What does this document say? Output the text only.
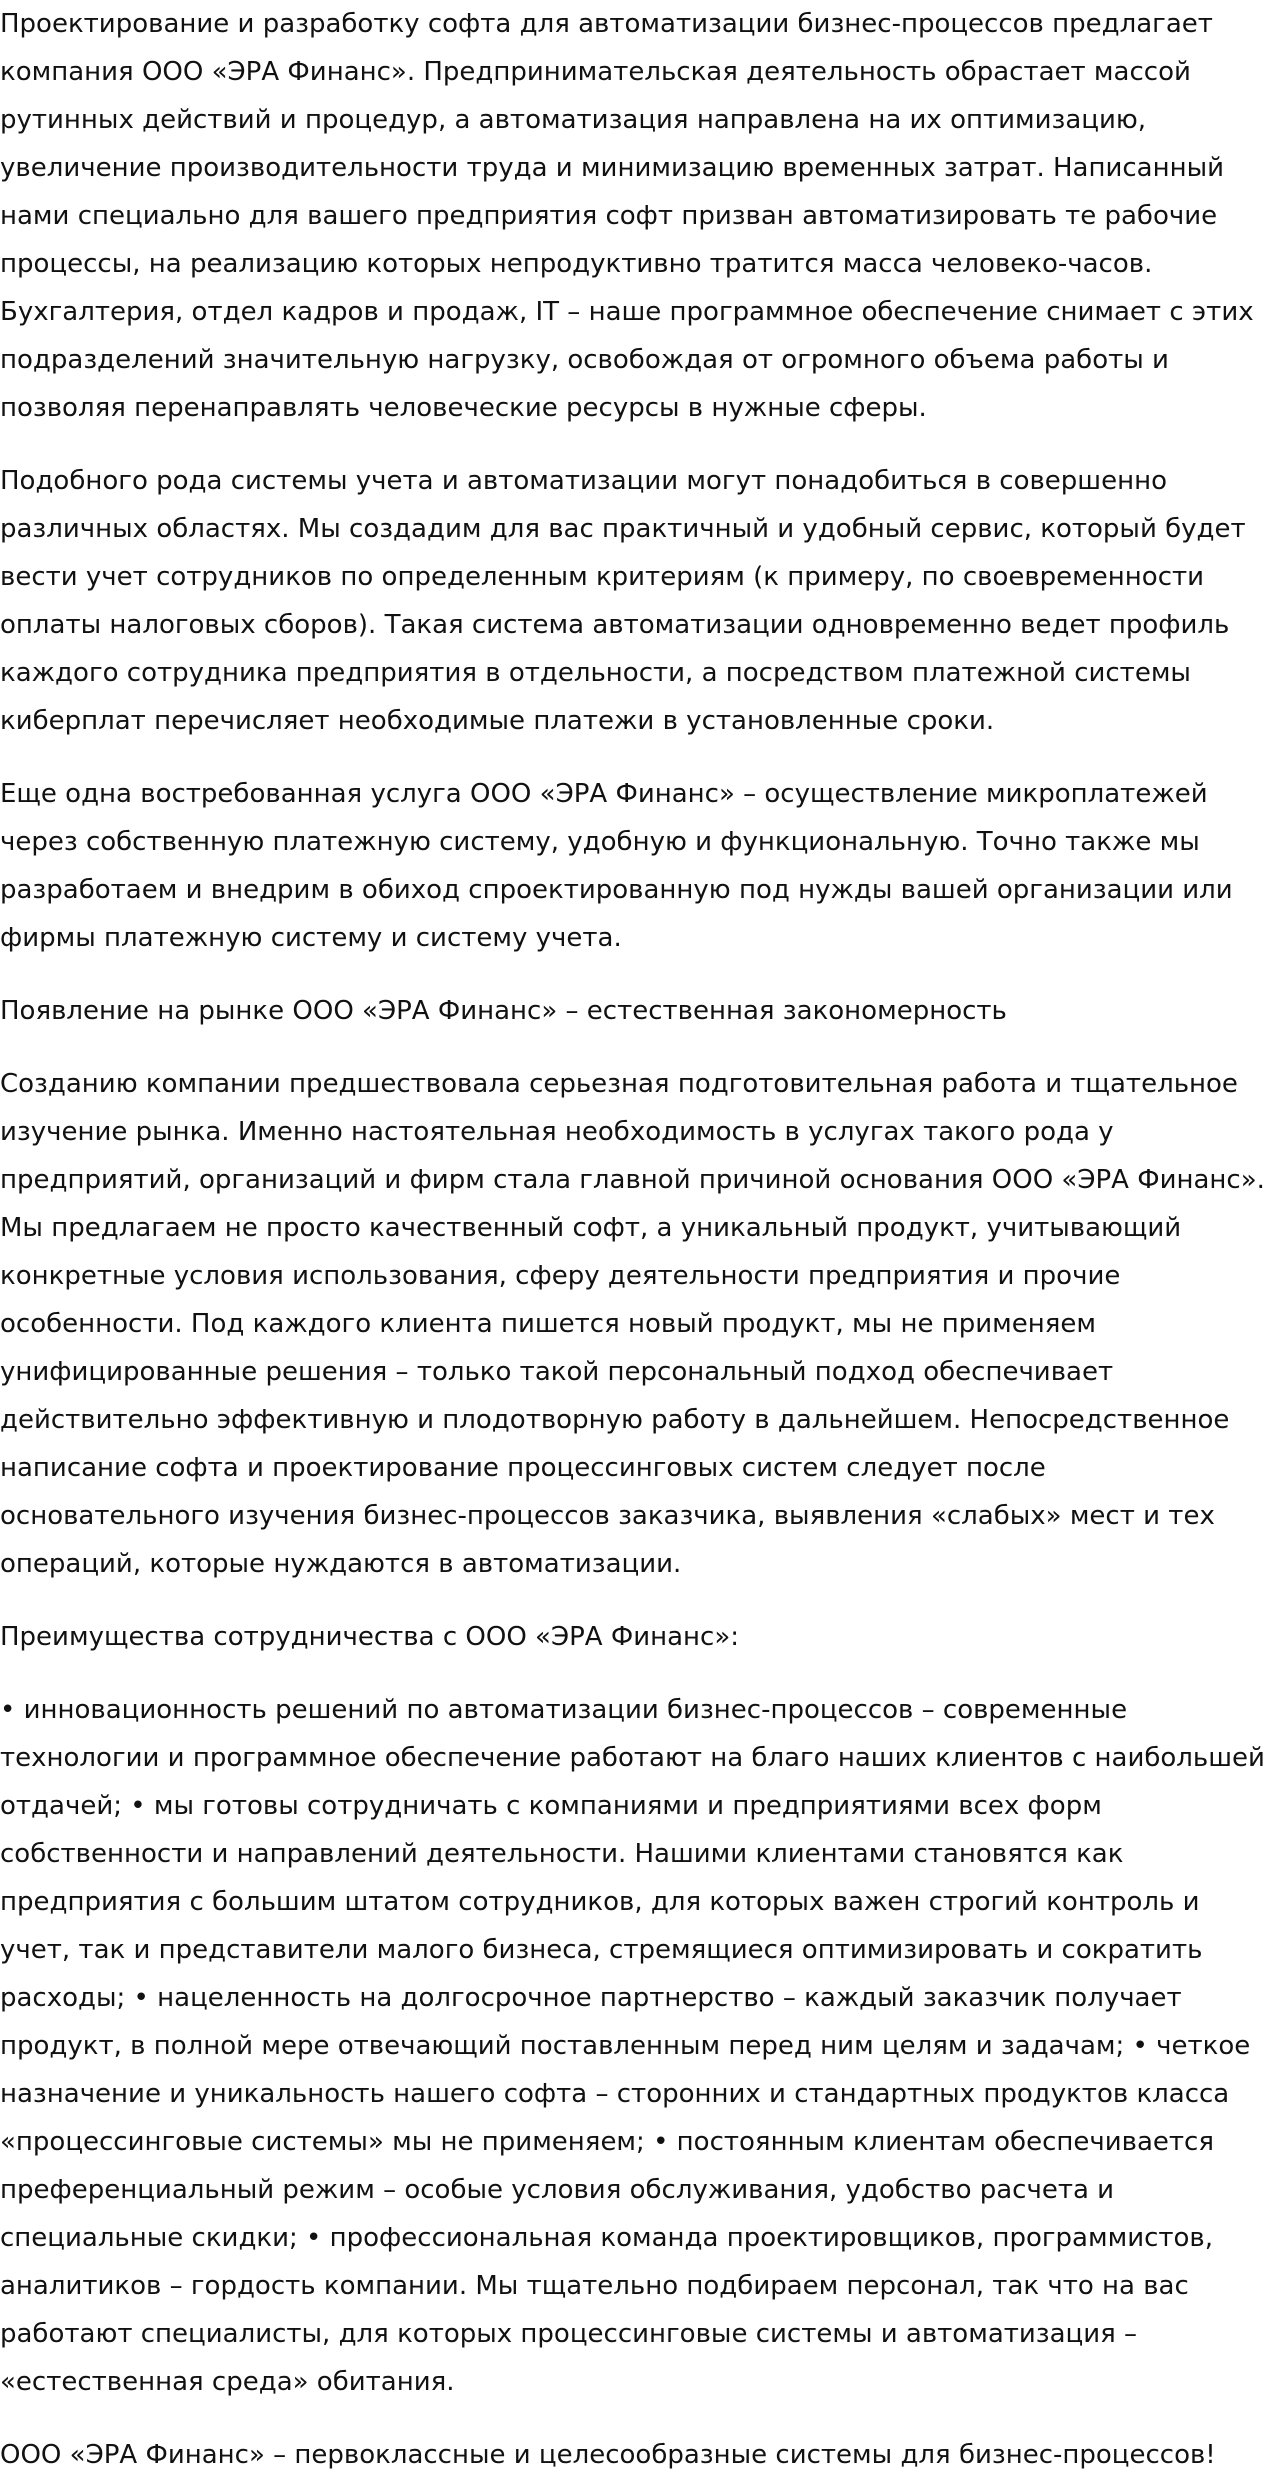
Проектирование и разработку софта для автоматизации бизнес-процессов предлагает
компания ООО «ЭРА Финанс». Предпринимательская деятельность обрастает массой
рутинных действий и процедур, а автоматизация направлена на их оптимизацию,
увеличение производительности труда и минимизацию временных затрат. Написанный
нами специально для вашего предприятия софт призван автоматизировать те рабочие
процессы, на реализацию которых непродуктивно тратится масса человеко-часов.
Бухгалтерия, отдел кадров и продаж, IT – наше программное обеспечение снимает с этих
подразделений значительную нагрузку, освобождая от огромного объема работы и
позволяя перенаправлять человеческие ресурсы в нужные сферы.

Подобного рода системы учета и автоматизации могут понадобиться в совершенно
различных областях. Мы создадим для вас практичный и удобный сервис, который будет
вести учет сотрудников по определенным критериям (к примеру, по своевременности
оплаты налоговых сборов). Такая система автоматизации одновременно ведет профиль
каждого сотрудника предприятия в отдельности, а посредством платежной системы
киберплат перечисляет необходимые платежи в установленные сроки.

Еще одна востребованная услуга ООО «ЭРА Финанс» – осуществление микроплатежей
через собственную платежную систему, удобную и функциональную. Точно также мы
разработаем и внедрим в обиход спроектированную под нужды вашей организации или
фирмы платежную систему и систему учета.

Появление на рынке ООО «ЭРА Финанс» – естественная закономерность

Созданию компании предшествовала серьезная подготовительная работа и тщательное
изучение рынка. Именно настоятельная необходимость в услугах такого рода у
предприятий, организаций и фирм стала главной причиной основания ООО «ЭРА Финанс».
Мы предлагаем не просто качественный софт, а уникальный продукт, учитывающий
конкретные условия использования, сферу деятельности предприятия и прочие
особенности. Под каждого клиента пишется новый продукт, мы не применяем
унифицированные решения – только такой персональный подход обеспечивает
действительно эффективную и плодотворную работу в дальнейшем. Непосредственное
написание софта и проектирование процессинговых систем следует после
основательного изучения бизнес-процессов заказчика, выявления «слабых» мест и тех
операций, которые нуждаются в автоматизации.

Преимущества сотрудничества с ООО «ЭРА Финанс»:

• инновационность решений по автоматизации бизнес-процессов – современные
технологии и программное обеспечение работают на благо наших клиентов с наибольшей
отдачей; • мы готовы сотрудничать с компаниями и предприятиями всех форм
собственности и направлений деятельности. Нашими клиентами становятся как
предприятия с большим штатом сотрудников, для которых важен строгий контроль и
учет, так и представители малого бизнеса, стремящиеся оптимизировать и сократить
расходы; • нацеленность на долгосрочное партнерство – каждый заказчик получает
продукт, в полной мере отвечающий поставленным перед ним целям и задачам; • четкое
назначение и уникальность нашего софта – сторонних и стандартных продуктов класса
«процессинговые системы» мы не применяем; • постоянным клиентам обеспечивается
преференциальный режим – особые условия обслуживания, удобство расчета и
специальные скидки; • профессиональная команда проектировщиков, программистов,
аналитиков – гордость компании. Мы тщательно подбираем персонал, так что на вас
работают специалисты, для которых процессинговые системы и автоматизация –
«естественная среда» обитания.

ООО «ЭРА Финанс» – первоклассные и целесообразные системы для бизнес-процессов!
